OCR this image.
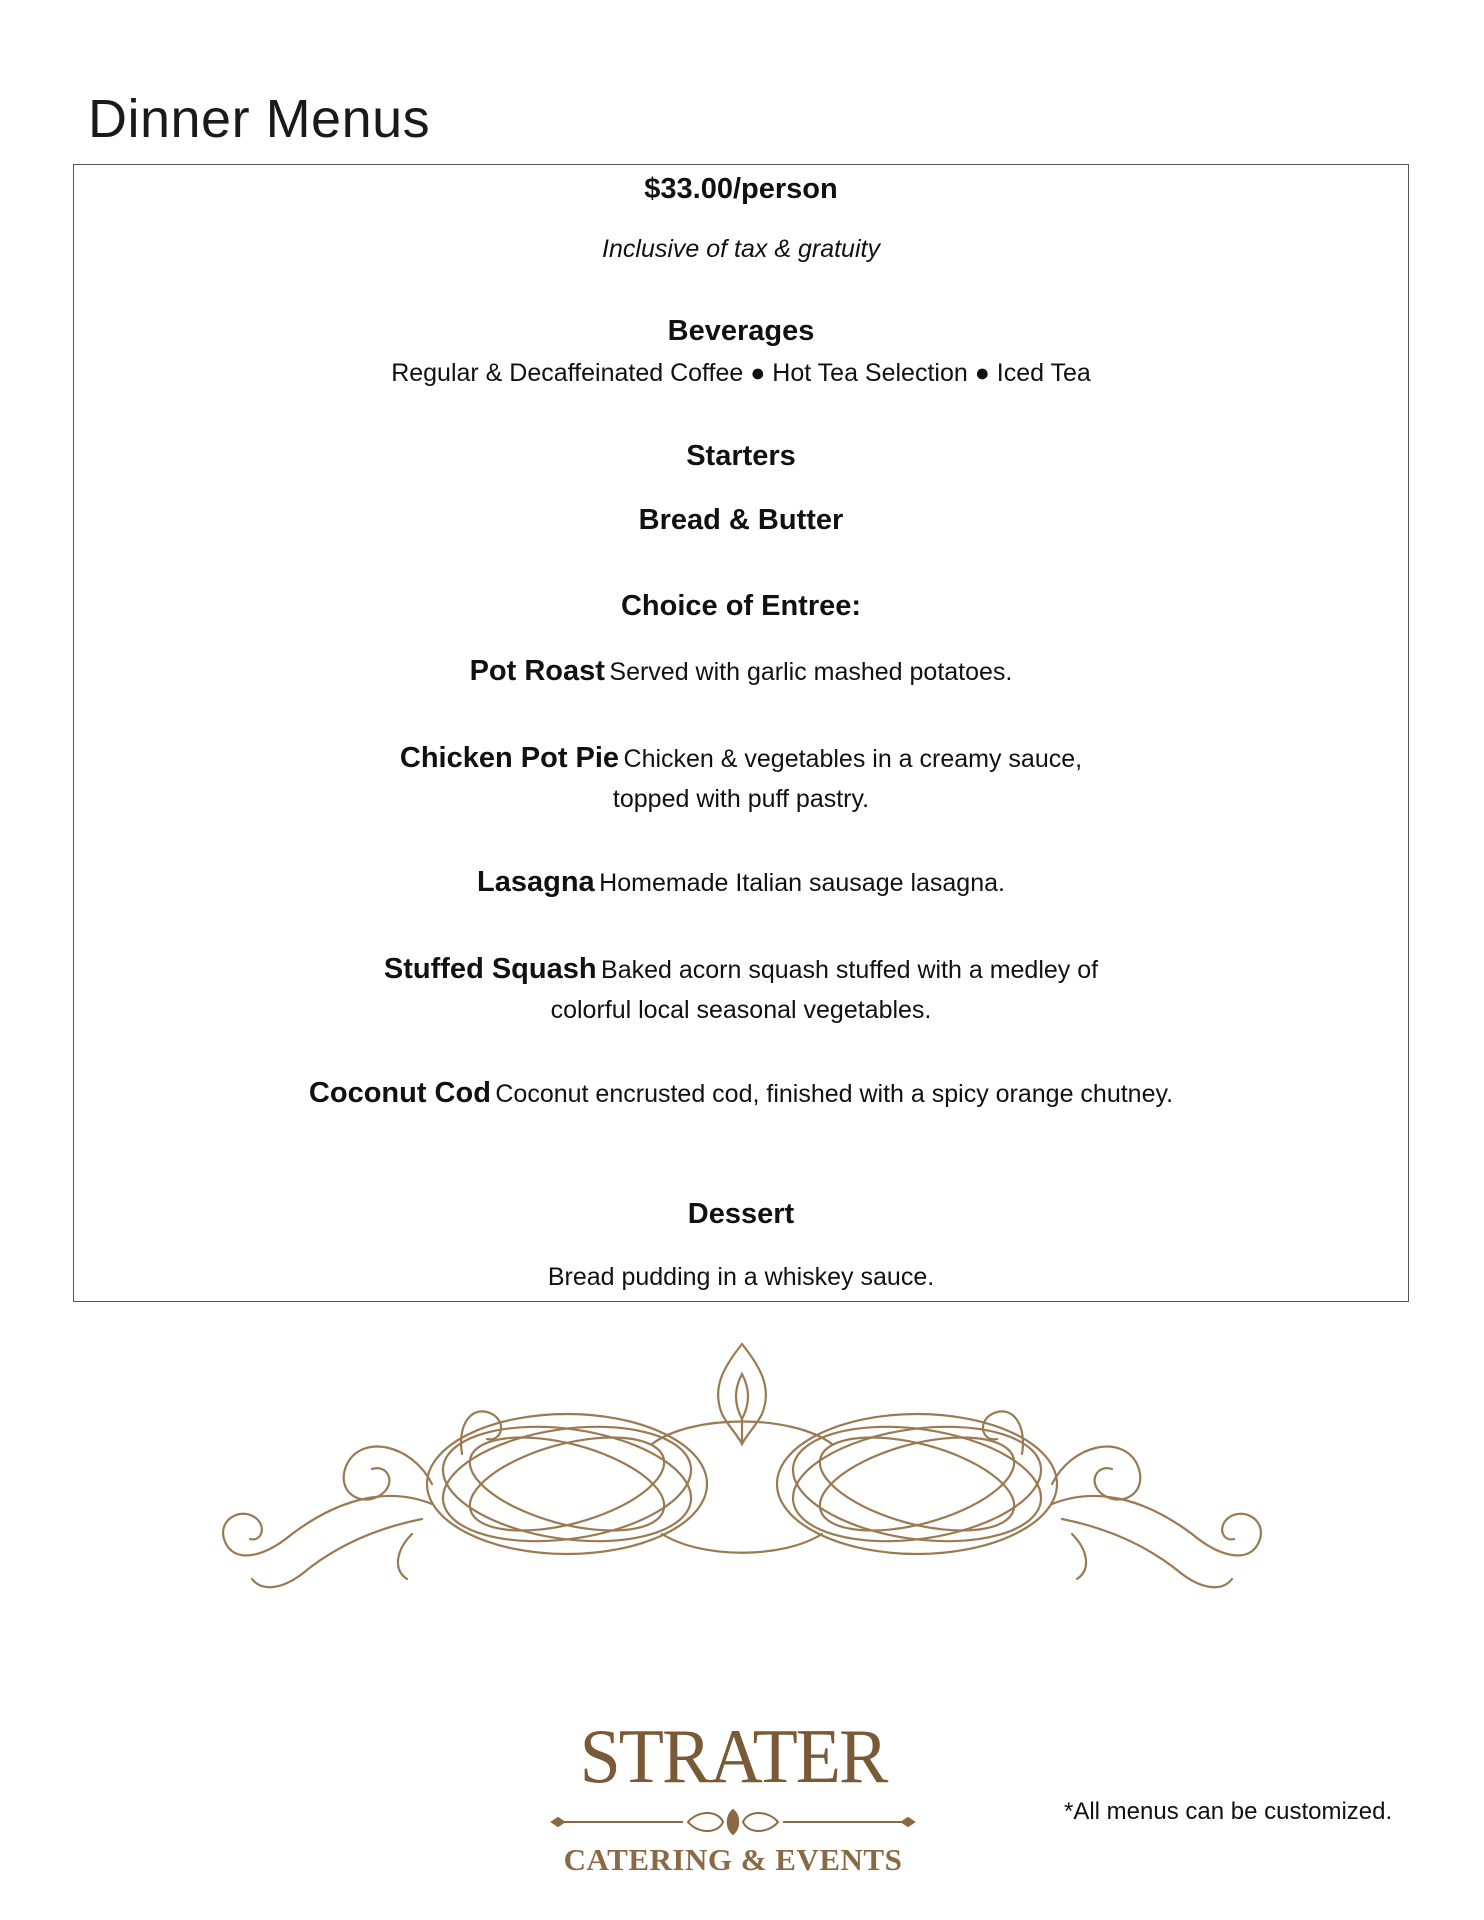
Dinner Menus
$33.00/person
Inclusive of tax & gratuity
Beverages
Regular & Decaffeinated Coffee ● Hot Tea Selection ● Iced Tea
Starters
Bread & Butter
Choice of Entree:
Pot Roast Served with garlic mashed potatoes.
Chicken Pot Pie Chicken & vegetables in a creamy sauce,
topped with puff pastry.
Lasagna Homemade Italian sausage lasagna.
Stuffed Squash Baked acorn squash stuffed with a medley of
colorful local seasonal vegetables.
Coconut Cod Coconut encrusted cod, finished with a spicy orange chutney.
Dessert
Bread pudding in a whiskey sauce.
STRATER
CATERING & EVENTS
*All menus can be customized.
